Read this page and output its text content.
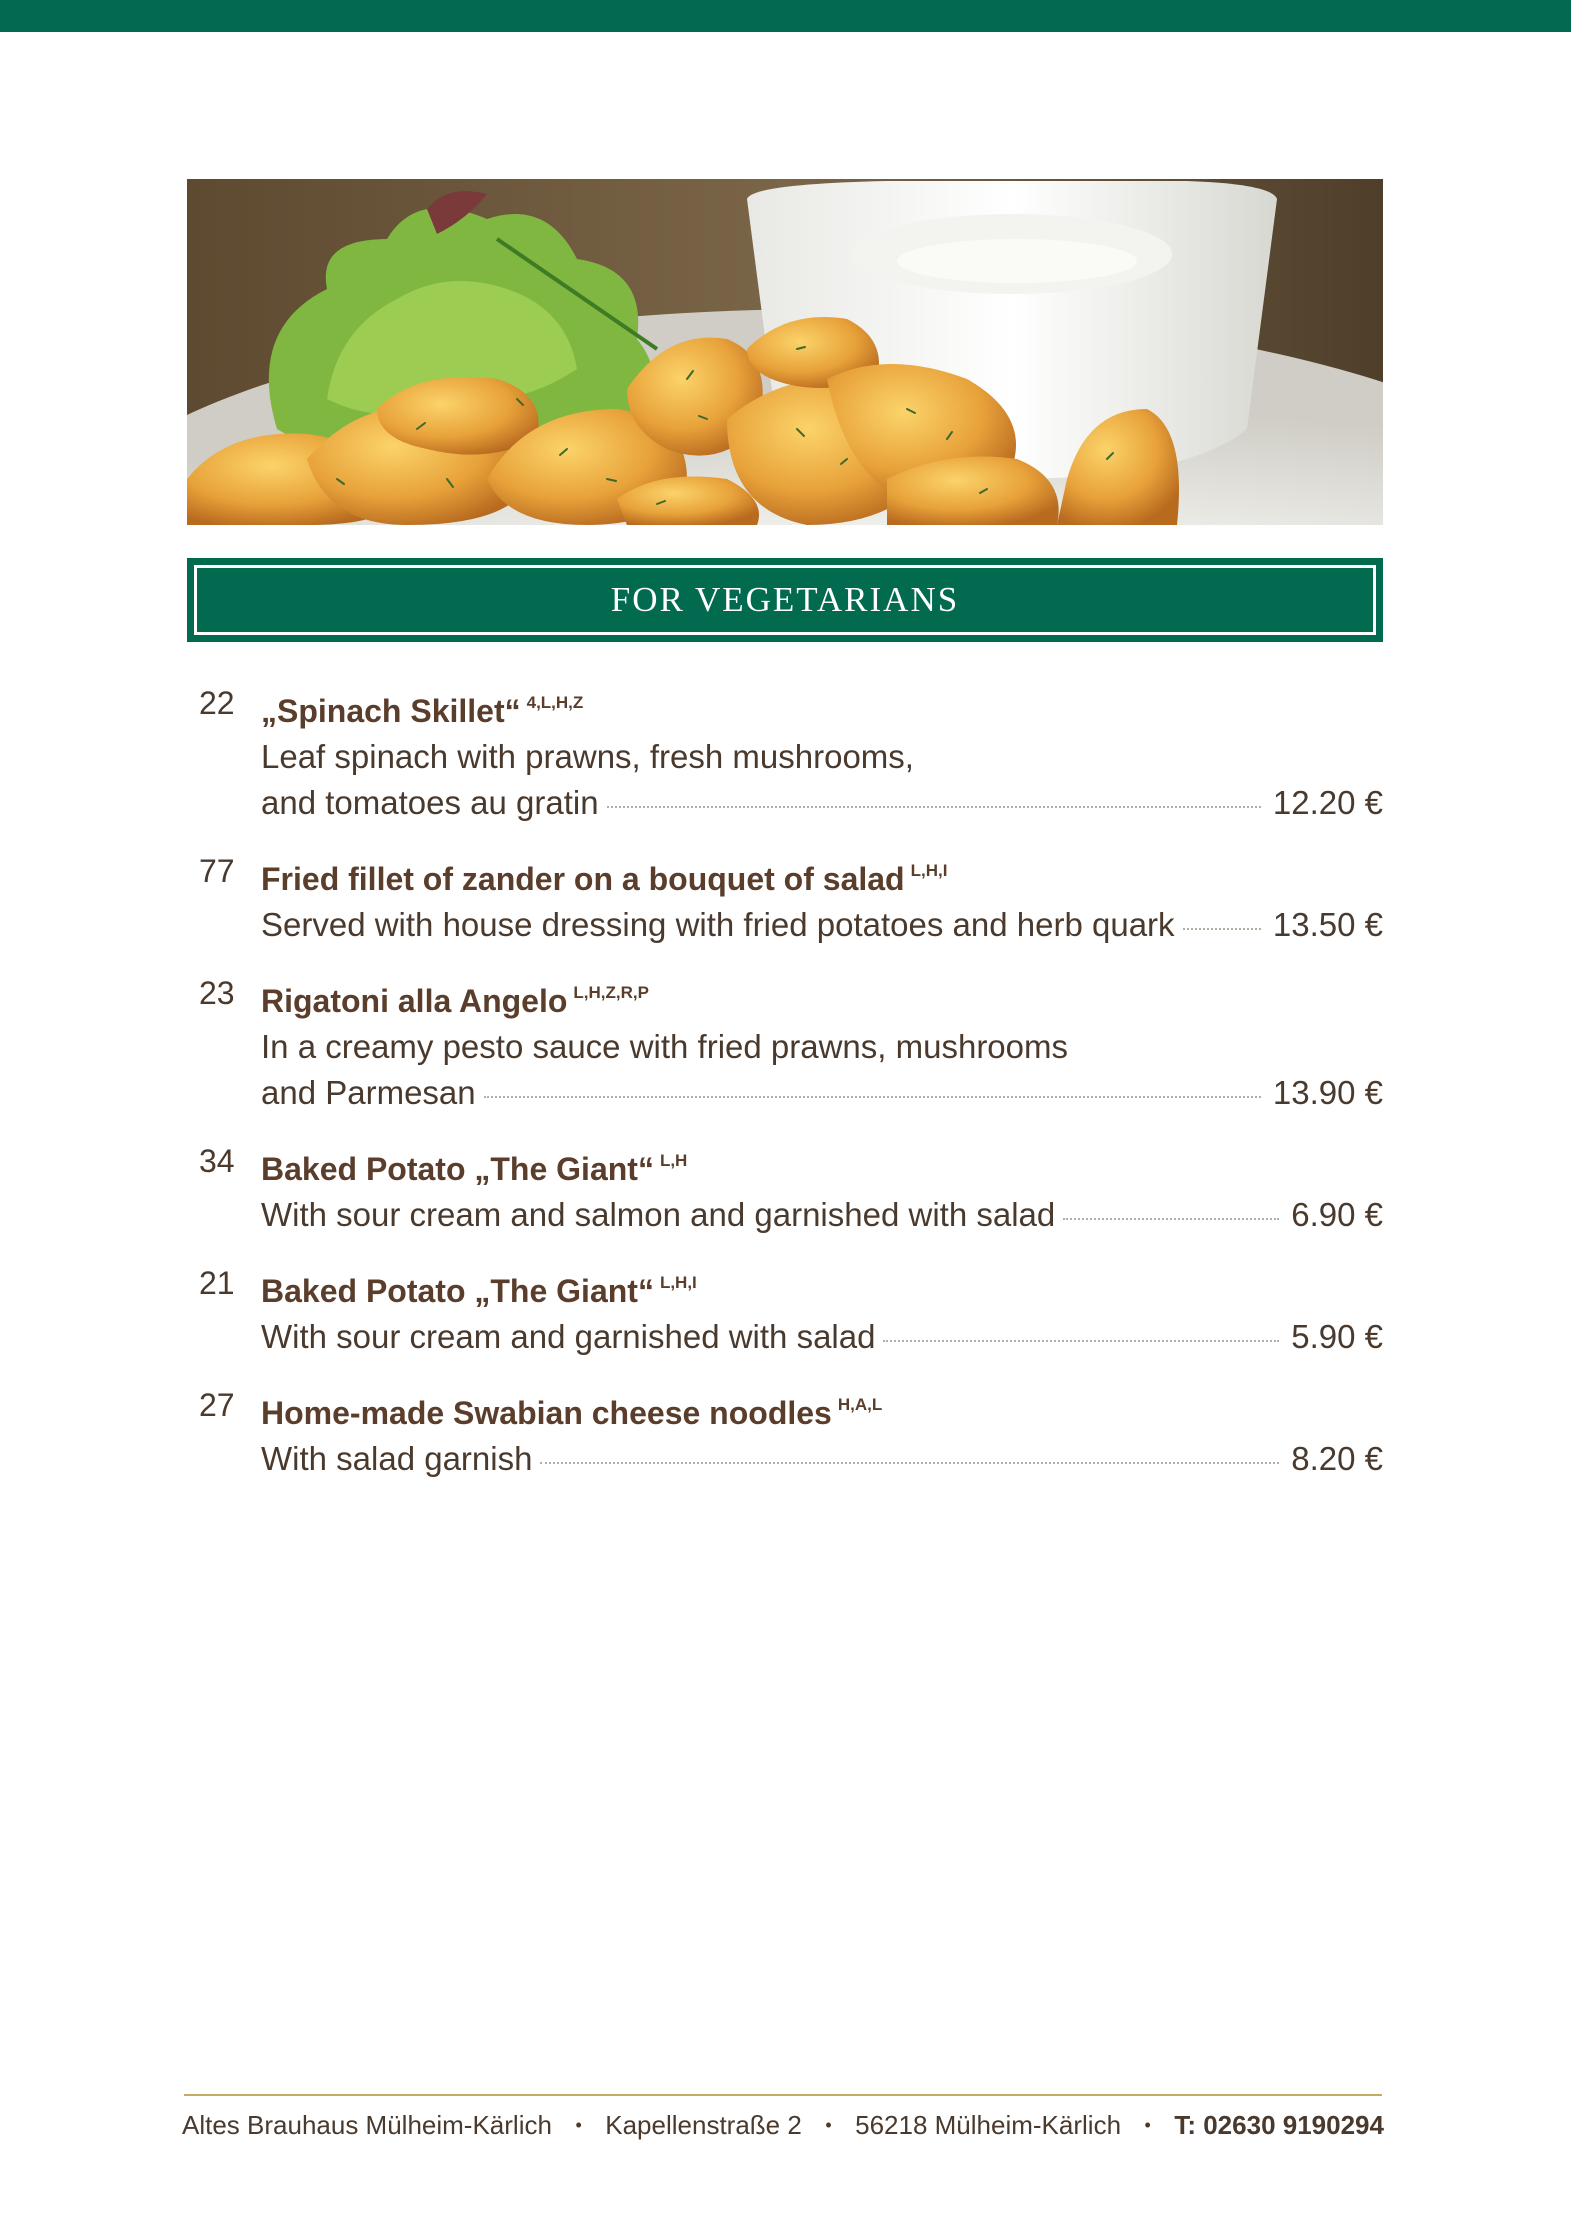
FOR VEGETARIANS
22 „Spinach Skillet“ $^{4,L,H,Z}$
Leaf spinach with prawns, fresh mushrooms,
and tomatoes au gratin	12.20 €
77 Fried fillet of zander on a bouquet of salad $^{L,H,I}$
Served with house dressing with fried potatoes and herb quark	13.50 €
23 Rigatoni alla Angelo $^{L,H,Z,R,P}$
In a creamy pesto sauce with fried prawns, mushrooms
and Parmesan	13.90 €
34 Baked Potato „The Giant“ $^{L,H}$
With sour cream and salmon and garnished with salad	6.90 €
21 Baked Potato „The Giant“ $^{L,H,I}$
With sour cream and garnished with salad	5.90 €
27 Home-made Swabian cheese noodles $^{H,A,L}$
With salad garnish	8.20 €
Altes Brauhaus Mülheim-Kärlich • Kapellenstraße 2 • 56218 Mülheim-Kärlich • T: 02630 9190294
